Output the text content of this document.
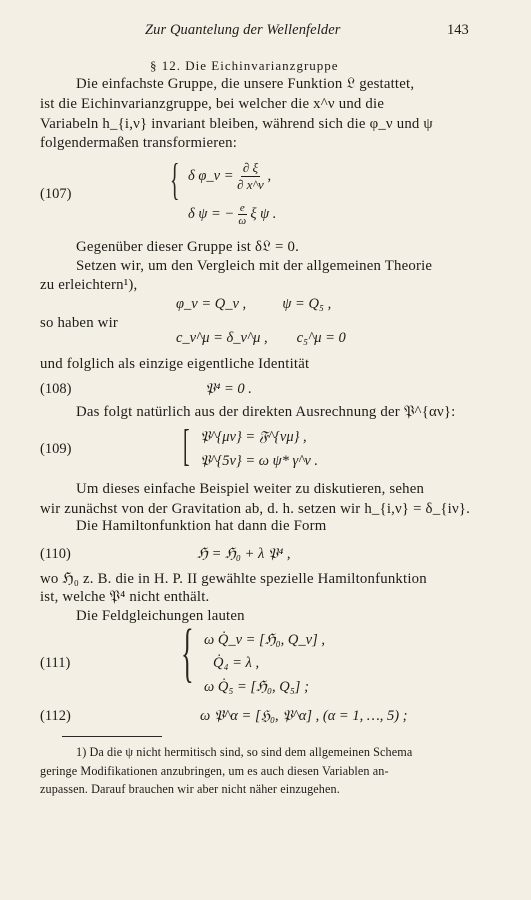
Zur Quantelung der Wellenfelder	143
§ 12. Die Eichinvarianzgruppe
Die einfachste Gruppe, die unsere Funktion 𝔏 gestattet,
ist die Eichinvarianzgruppe, bei welcher die x^ν und die
Variabeln h_{i,ν} invariant bleiben, während sich die φ_ν und ψ
folgendermaßen transformieren:
(107) { δ φ_ν = $\frac{\partial \xi}{\partial x\^{}\nu}$ ,
δ ψ = − $\frac{e}{\omega}$ ξ ψ .
Gegenüber dieser Gruppe ist δ𝔏 = 0.
Setzen wir, um den Vergleich mit der allgemeinen Theorie
zu erleichtern¹),
φ_ν = Q_ν ,          ψ = Q₅ ,
so haben wir
c_ν^μ = δ_ν^μ ,        c₅^μ = 0
und folglich als einzige eigentliche Identität
(108)	𝔓⁴ = 0 .
Das folgt natürlich aus der direkten Ausrechnung der 𝔓^{αν}:
(109)	[ 𝔓^{μν} = 𝔉^{νμ} ,
𝔓^{5ν} = ω ψ* γ^ν .
Um dieses einfache Beispiel weiter zu diskutieren, sehen
wir zunächst von der Gravitation ab, d. h. setzen wir h_{i,ν} = δ_{iν}.
Die Hamiltonfunktion hat dann die Form
(110)	ℌ = ℌ₀ + λ 𝔓⁴ ,
wo ℌ₀ z. B. die in H. P. II gewählte spezielle Hamiltonfunktion
ist, welche 𝔓⁴ nicht enthält.
Die Feldgleichungen lauten
(111) { ω Q̇_ν = [ℌ₀, Q_ν] ,
Q̇₄ = λ ,
ω Q̇₅ = [ℌ₀, Q₅] ;
(112)	ω 𝔓̇^α = [ℌ₀, 𝔓^α] , (α = 1, …, 5) ;
1) Da die ψ nicht hermitisch sind, so sind dem allgemeinen Schema
geringe Modifikationen anzubringen, um es auch diesen Variablen an-
zupassen. Darauf brauchen wir aber nicht näher einzugehen.
